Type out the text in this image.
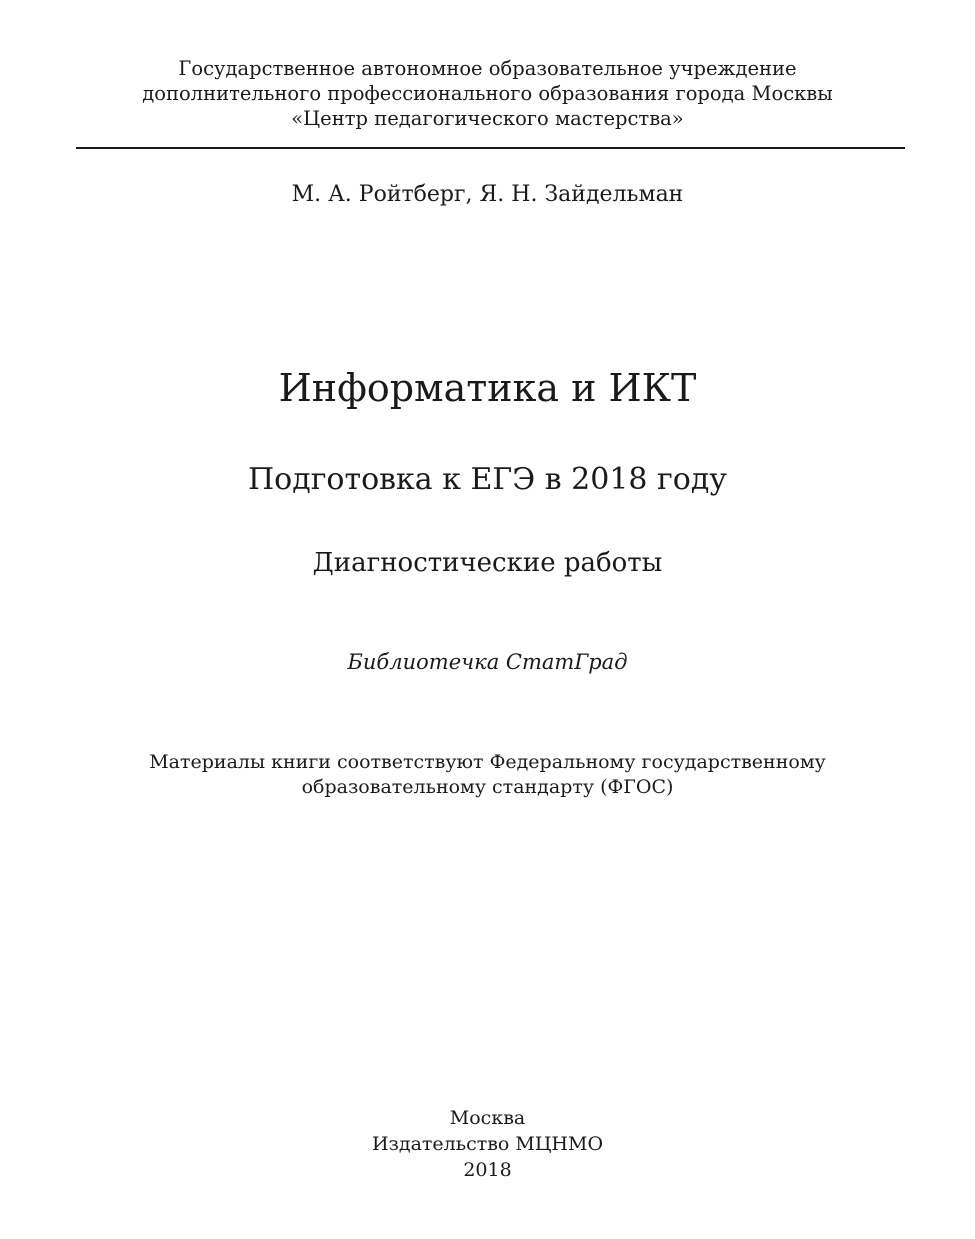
Государственное автономное образовательное учреждение
дополнительного профессионального образования города Москвы
«Центр педагогического мастерства»
М. А. Ройтберг, Я. Н. Зайдельман
Информатика и ИКТ
Подготовка к ЕГЭ в 2018 году
Диагностические работы
Библиотечка СтатГрад
Материалы книги соответствуют Федеральному государственному
образовательному стандарту (ФГОС)
Москва
Издательство МЦНМО
2018
